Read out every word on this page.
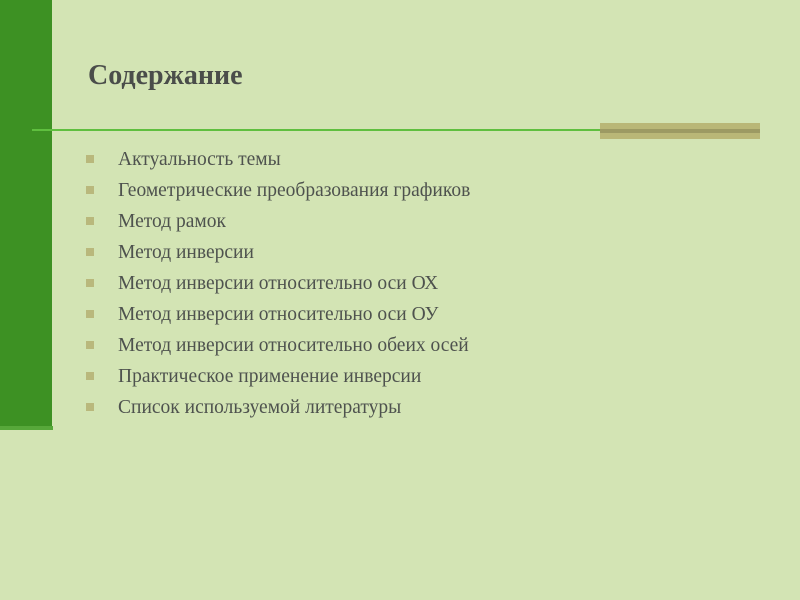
Содержание
Актуальность темы
Геометрические преобразования графиков
Метод рамок
Метод инверсии
Метод инверсии относительно оси ОХ
Метод инверсии относительно оси ОУ
Метод инверсии относительно обеих осей
Практическое применение инверсии
Список используемой литературы
